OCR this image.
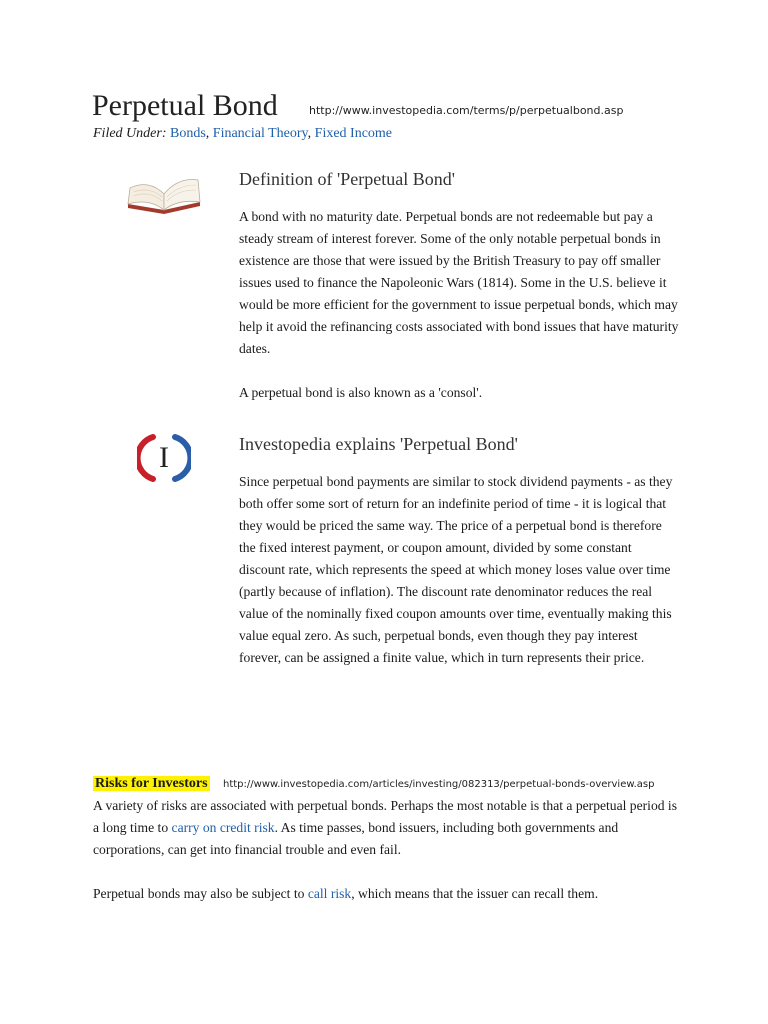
Perpetual Bond	http://www.investopedia.com/terms/p/perpetualbond.asp
Filed Under: Bonds, Financial Theory, Fixed Income
Definition of 'Perpetual Bond'

A bond with no maturity date. Perpetual bonds are not redeemable but pay a steady stream of interest forever. Some of the only notable perpetual bonds in existence are those that were issued by the British Treasury to pay off smaller issues used to finance the Napoleonic Wars (1814). Some in the U.S. believe it would be more efficient for the government to issue perpetual bonds, which may help it avoid the refinancing costs associated with bond issues that have maturity dates.

A perpetual bond is also known as a 'consol'.

I	Investopedia explains 'Perpetual Bond'

Since perpetual bond payments are similar to stock dividend payments - as they both offer some sort of return for an indefinite period of time - it is logical that they would be priced the same way. The price of a perpetual bond is therefore the fixed interest payment, or coupon amount, divided by some constant discount rate, which represents the speed at which money loses value over time (partly because of inflation). The discount rate denominator reduces the real value of the nominally fixed coupon amounts over time, eventually making this value equal zero. As such, perpetual bonds, even though they pay interest forever, can be assigned a finite value, which in turn represents their price.

Risks for Investors http://www.investopedia.com/articles/investing/082313/perpetual-bonds-overview.asp

A variety of risks are associated with perpetual bonds. Perhaps the most notable is that a perpetual period is a long time to carry on credit risk. As time passes, bond issuers, including both governments and corporations, can get into financial trouble and even fail.

Perpetual bonds may also be subject to call risk, which means that the issuer can recall them.
